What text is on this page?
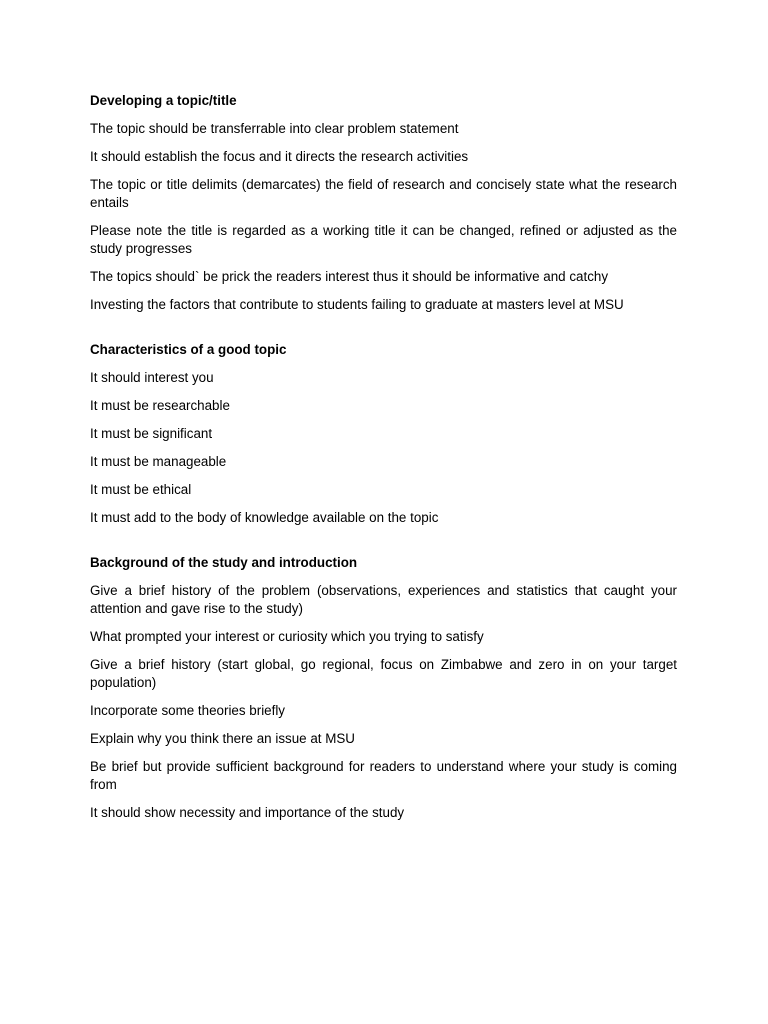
Developing a topic/title

The topic should be transferrable into clear problem statement

It should establish the focus and it directs the research activities

The topic or title delimits (demarcates) the field of research and concisely state what the research entails

Please note the title is regarded as a working title it can be changed, refined or adjusted as the study progresses

The topics should` be prick the readers interest thus it should be informative and catchy

Investing the factors that contribute to students failing to graduate at masters level at MSU

Characteristics of a good topic

It should interest you

It must be researchable

It must be significant

It must be manageable

It must be ethical

It must add to the body of knowledge available on the topic

Background of the study and introduction

Give a brief history of the problem (observations, experiences and statistics that caught your attention and gave rise to the study)

What prompted your interest or curiosity which you trying to satisfy

Give a brief history (start global, go regional, focus on Zimbabwe and zero in on your target population)

Incorporate some theories briefly

Explain why you think there an issue at MSU

Be brief but provide sufficient background for readers to understand where your study is coming from

It should show necessity and importance of the study
